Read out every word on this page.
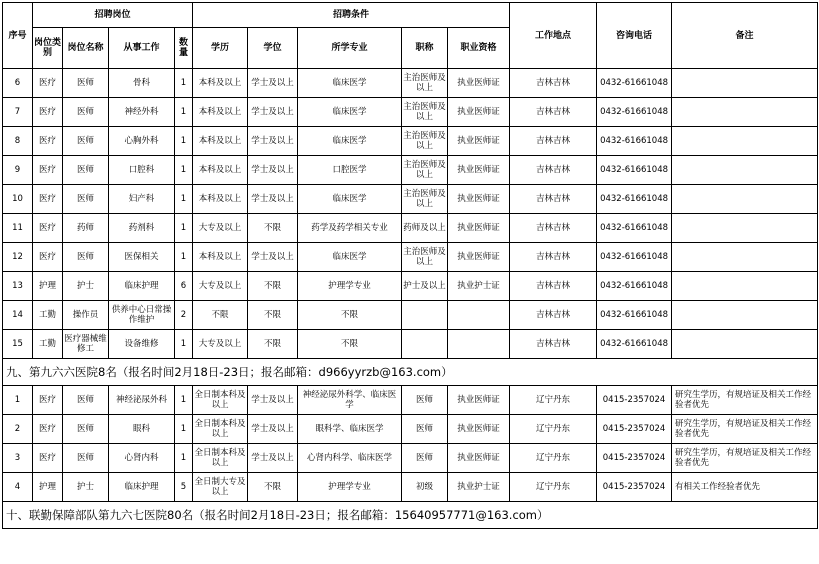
序号	招聘岗位				招聘条件					工作地点	咨询电话	备注
	岗位类别	岗位名称	从事工作	数量	学历	学位	所学专业	职称	职业资格			
6	医疗	医师	骨科	1	本科及以上	学士及以上	临床医学	主治医师及以上	执业医师证	吉林吉林	0432-61661048	
7	医疗	医师	神经外科	1	本科及以上	学士及以上	临床医学	主治医师及以上	执业医师证	吉林吉林	0432-61661048	
8	医疗	医师	心胸外科	1	本科及以上	学士及以上	临床医学	主治医师及以上	执业医师证	吉林吉林	0432-61661048	
9	医疗	医师	口腔科	1	本科及以上	学士及以上	口腔医学	主治医师及以上	执业医师证	吉林吉林	0432-61661048	
10	医疗	医师	妇产科	1	本科及以上	学士及以上	临床医学	主治医师及以上	执业医师证	吉林吉林	0432-61661048	
11	医疗	药师	药剂科	1	大专及以上	不限	药学及药学相关专业	药师及以上	执业医师证	吉林吉林	0432-61661048	
12	医疗	医师	医保相关	1	本科及以上	学士及以上	临床医学	主治医师及以上	执业医师证	吉林吉林	0432-61661048	
13	护理	护士	临床护理	6	大专及以上	不限	护理学专业	护士及以上	执业护士证	吉林吉林	0432-61661048	
14	工勤	操作员	供养中心日常操作维护	2	不限	不限	不限			吉林吉林	0432-61661048	
15	工勤	医疗器械维修工	设备维修	1	大专及以上	不限	不限			吉林吉林	0432-61661048	
九、第九六六医院8名（报名时间2月18日-23日；报名邮箱：d966yyrzb@163.com）												
1	医疗	医师	神经泌尿外科	1	全日制本科及以上	学士及以上	神经泌尿外科学、临床医学	医师	执业医师证	辽宁丹东	0415-2357024	研究生学历，有规培证及相关工作经验者优先
2	医疗	医师	眼科	1	全日制本科及以上	学士及以上	眼科学、临床医学	医师	执业医师证	辽宁丹东	0415-2357024	研究生学历，有规培证及相关工作经验者优先
3	医疗	医师	心肾内科	1	全日制本科及以上	学士及以上	心肾内科学、临床医学	医师	执业医师证	辽宁丹东	0415-2357024	研究生学历，有规培证及相关工作经验者优先
4	护理	护士	临床护理	5	全日制大专及以上	不限	护理学专业	初级	执业护士证	辽宁丹东	0415-2357024	有相关工作经验者优先
十、联勤保障部队第九六七医院80名（报名时间2月18日-23日；报名邮箱：15640957771@163.com）												
